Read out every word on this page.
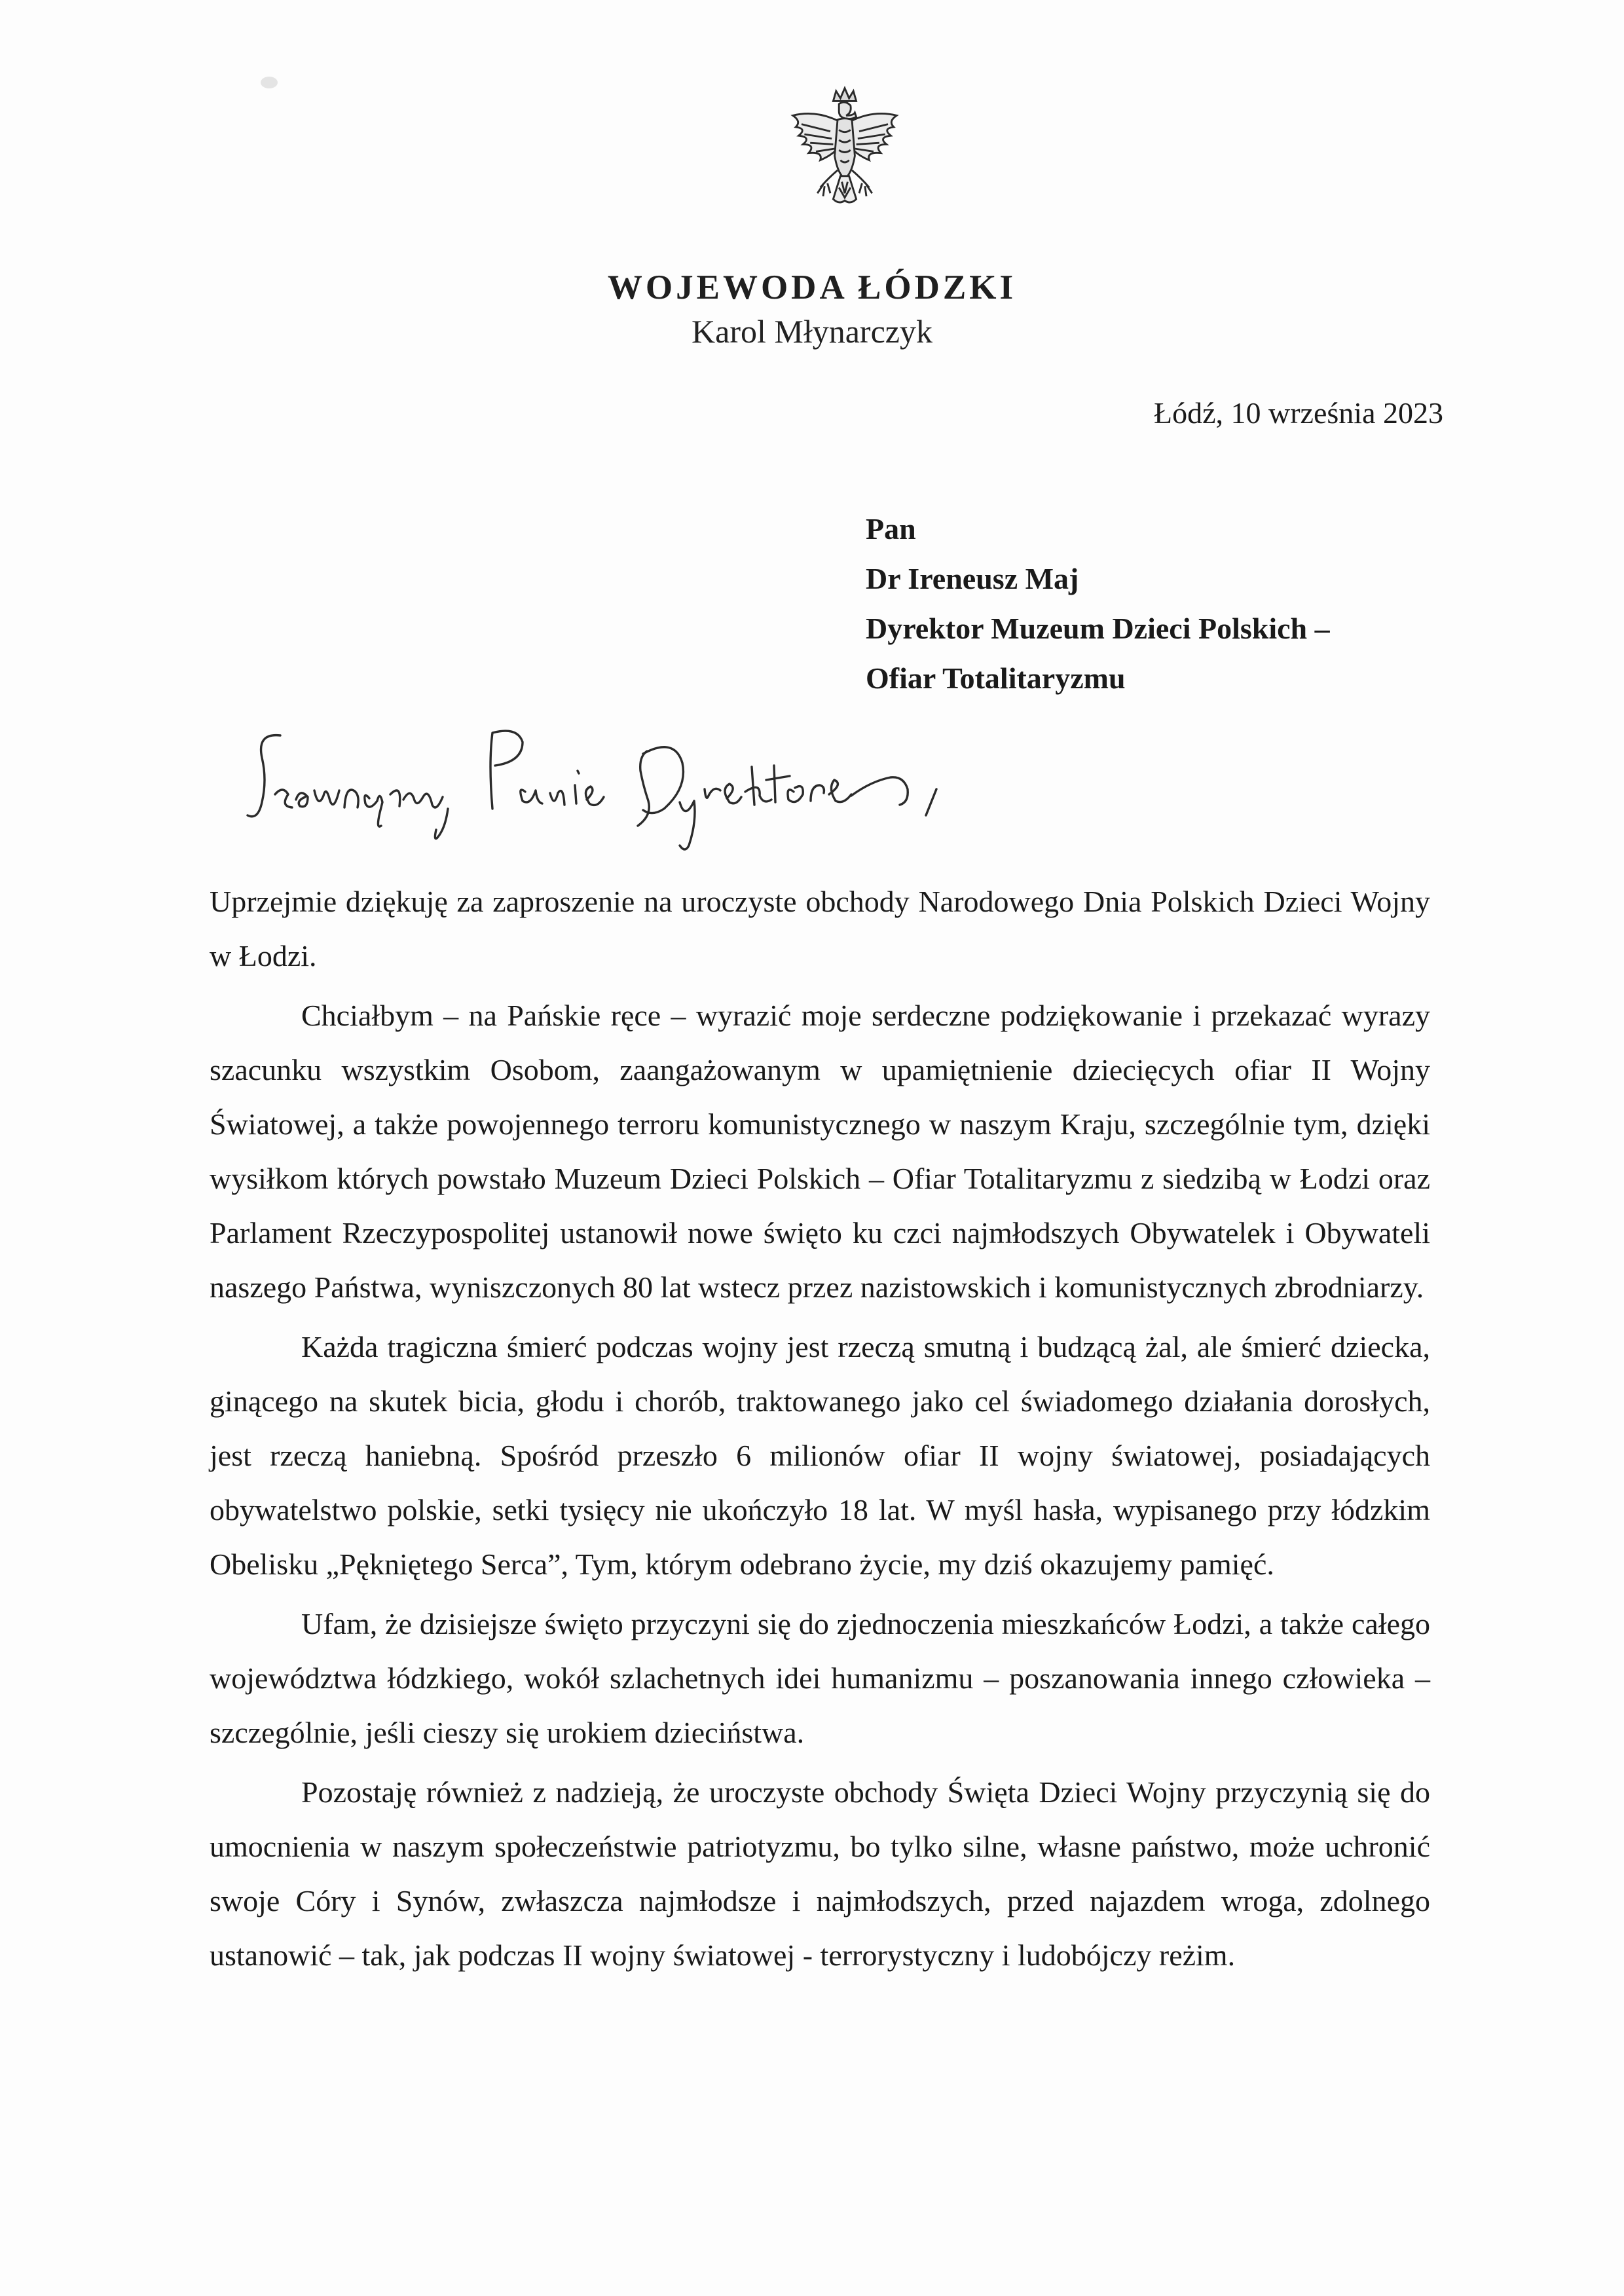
WOJEWODA ŁÓDZKI
Karol Młynarczyk
Łódź, 10 września 2023
Pan
Dr Ireneusz Maj
Dyrektor Muzeum Dzieci Polskich –
Ofiar Totalitaryzmu

Uprzejmie dziękuję za zaproszenie na uroczyste obchody Narodowego Dnia Polskich Dzieci Wojny w Łodzi.

Chciałbym – na Pańskie ręce – wyrazić moje serdeczne podziękowanie i przekazać wyrazy szacunku wszystkim Osobom, zaangażowanym w upamiętnienie dziecięcych ofiar II Wojny Światowej, a także powojennego terroru komunistycznego w naszym Kraju, szczególnie tym, dzięki wysiłkom których powstało Muzeum Dzieci Polskich – Ofiar Totalitaryzmu z siedzibą w Łodzi oraz Parlament Rzeczypospolitej ustanowił nowe święto ku czci najmłodszych Obywatelek i Obywateli naszego Państwa, wyniszczonych 80 lat wstecz przez nazistowskich i komunistycznych zbrodniarzy.

Każda tragiczna śmierć podczas wojny jest rzeczą smutną i budzącą żal, ale śmierć dziecka, ginącego na skutek bicia, głodu i chorób, traktowanego jako cel świadomego działania dorosłych, jest rzeczą haniebną. Spośród przeszło 6 milionów ofiar II wojny światowej, posiadających obywatelstwo polskie, setki tysięcy nie ukończyło 18 lat. W myśl hasła, wypisanego przy łódzkim Obelisku „Pękniętego Serca”, Tym, którym odebrano życie, my dziś okazujemy pamięć.

Ufam, że dzisiejsze święto przyczyni się do zjednoczenia mieszkańców Łodzi, a także całego województwa łódzkiego, wokół szlachetnych idei humanizmu – poszanowania innego człowieka – szczególnie, jeśli cieszy się urokiem dzieciństwa.

Pozostaję również z nadzieją, że uroczyste obchody Święta Dzieci Wojny przyczynią się do umocnienia w naszym społeczeństwie patriotyzmu, bo tylko silne, własne państwo, może uchronić swoje Córy i Synów, zwłaszcza najmłodsze i najmłodszych, przed najazdem wroga, zdolnego ustanowić – tak, jak podczas II wojny światowej - terrorystyczny i ludobójczy reżim.
